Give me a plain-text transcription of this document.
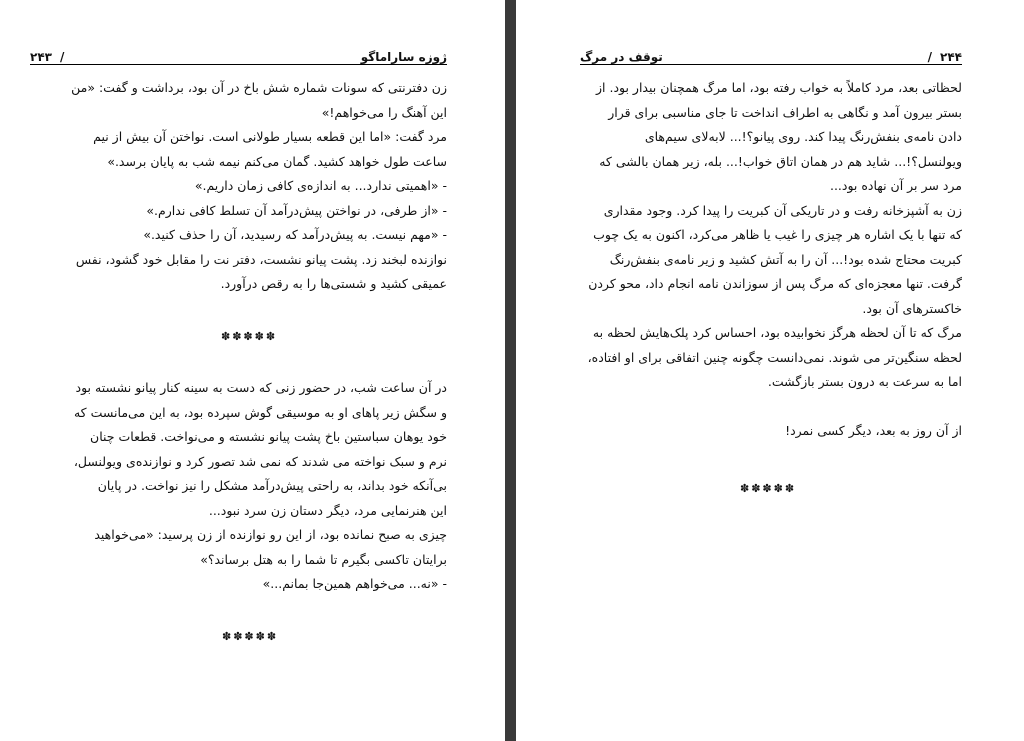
۲۴۳ /	ژوزه ساراماگو

زن دفترنتی که سونات شماره شش باخ در آن بود، برداشت و گفت: «من

این آهنگ را می‌خواهم!»

مرد گفت: «اما این قطعه بسیار طولانی است. نواختن آن بیش از نیم

ساعت طول خواهد کشید. گمان می‌کنم نیمه شب به پایان برسد.»

- «اهمیتی ندارد... به اندازه‌ی کافی زمان داریم.»

- «از طرفی، در نواختن پیش‌درآمد آن تسلط کافی ندارم.»

- «مهم نیست. به پیش‌درآمد که رسیدید، آن را حذف کنید.»

نوازنده لبخند زد. پشت پیانو نشست، دفتر نت را مقابل خود گشود، نفس

عمیقی کشید و شستی‌ها را به رقص درآورد.

✽✽✽✽✽

در آن ساعت شب، در حضور زنی که دست به سینه کنار پیانو نشسته بود

و سگش زیر پاهای او به موسیقی گوش سپرده بود، به این می‌مانست که

خود یوهان سباستین باخ پشت پیانو نشسته و می‌نواخت. قطعات چنان

نرم و سبک نواخته می شدند که نمی شد تصور کرد و نوازنده‌ی ویولنسل،

بی‌آنکه خود بداند، به راحتی پیش‌درآمد مشکل را نیز نواخت. در پایان

این هنرنمایی مرد، دیگر دستان زن سرد نبود...

چیزی به صبح نمانده بود، از این رو نوازنده از زن پرسید: «می‌خواهید

برایتان تاکسی بگیرم تا شما را به هتل برساند؟»

- «نه... می‌خواهم همین‌جا بمانم...»

✽✽✽✽✽
توقف در مرگ	/ ۲۴۴

لحظاتی بعد، مرد کاملاً به خواب رفته بود، اما مرگ همچنان بیدار بود. از

بستر بیرون آمد و نگاهی به اطراف انداخت تا جای مناسبی برای قرار

دادن نامه‌ی بنفش‌رنگ پیدا کند. روی پیانو؟!... لابه‌لای سیم‌های

ویولنسل؟!... شاید هم در همان اتاق خواب!... بله، زیر همان بالشی که

مرد سر بر آن نهاده بود...

زن به آشپزخانه رفت و در تاریکی آن کبریت را پیدا کرد. وجود مقداری

که تنها با یک اشاره هر چیزی را غیب یا ظاهر می‌کرد، اکنون به یک چوب

کبریت محتاج شده بود!... آن را به آتش کشید و زیر نامه‌ی بنفش‌رنگ

گرفت. تنها معجزه‌ای که مرگ پس از سوزاندن نامه انجام داد، محو کردن

خاکسترهای آن بود.

مرگ که تا آن لحظه هرگز نخوابیده بود، احساس کرد پلک‌هایش لحظه به

لحظه سنگین‌تر می شوند. نمی‌دانست چگونه چنین اتفاقی برای او افتاده،

اما به سرعت به درون بستر بازگشت.

از آن روز به بعد، دیگر کسی نمرد!

✽✽✽✽✽
